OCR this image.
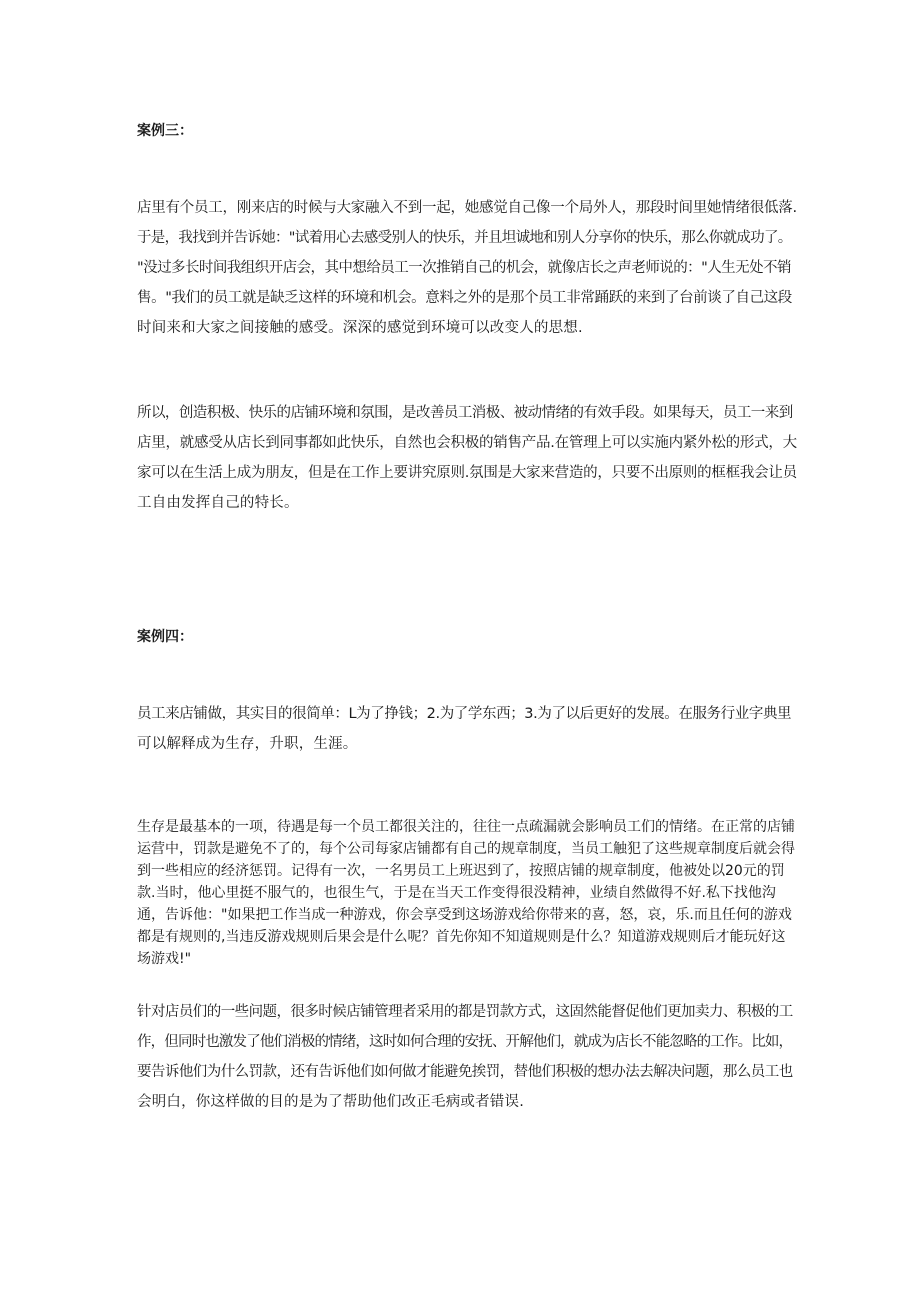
案例三：
店里有个员工，刚来店的时候与大家融入不到一起，她感觉自己像一个局外人，那段时间里她情绪很低落.
于是，我找到并告诉她："试着用心去感受别人的快乐，并且坦诚地和别人分享你的快乐，那么你就成功了。
"没过多长时间我组织开店会，其中想给员工一次推销自己的机会，就像店长之声老师说的："人生无处不销
售。"我们的员工就是缺乏这样的环境和机会。意料之外的是那个员工非常踊跃的来到了台前谈了自己这段
时间来和大家之间接触的感受。深深的感觉到环境可以改变人的思想.
所以，创造积极、快乐的店铺环境和氛围，是改善员工消极、被动情绪的有效手段。如果每天，员工一来到
店里，就感受从店长到同事都如此快乐，自然也会积极的销售产品.在管理上可以实施内紧外松的形式，大
家可以在生活上成为朋友，但是在工作上要讲究原则.氛围是大家来营造的，只要不出原则的框框我会让员
工自由发挥自己的特长。
案例四：
员工来店铺做，其实目的很简单：L为了挣钱；2.为了学东西；3.为了以后更好的发展。在服务行业字典里
可以解释成为生存，升职，生涯。
生存是最基本的一项，待遇是每一个员工都很关注的，往往一点疏漏就会影响员工们的情绪。在正常的店铺
运营中，罚款是避免不了的，每个公司每家店铺都有自己的规章制度，当员工触犯了这些规章制度后就会得
到一些相应的经济惩罚。记得有一次，一名男员工上班迟到了，按照店铺的规章制度，他被处以20元的罚
款.当时，他心里挺不服气的，也很生气，于是在当天工作变得很没精神，业绩自然做得不好.私下找他沟
通，告诉他："如果把工作当成一种游戏，你会享受到这场游戏给你带来的喜，怒，哀，乐.而且任何的游戏
都是有规则的,当违反游戏规则后果会是什么呢？首先你知不知道规则是什么？知道游戏规则后才能玩好这
场游戏!"
针对店员们的一些问题，很多时候店铺管理者采用的都是罚款方式，这固然能督促他们更加卖力、积极的工
作，但同时也激发了他们消极的情绪，这时如何合理的安抚、开解他们，就成为店长不能忽略的工作。比如，
要告诉他们为什么罚款，还有告诉他们如何做才能避免挨罚，替他们积极的想办法去解决问题，那么员工也
会明白，你这样做的目的是为了帮助他们改正毛病或者错误.
